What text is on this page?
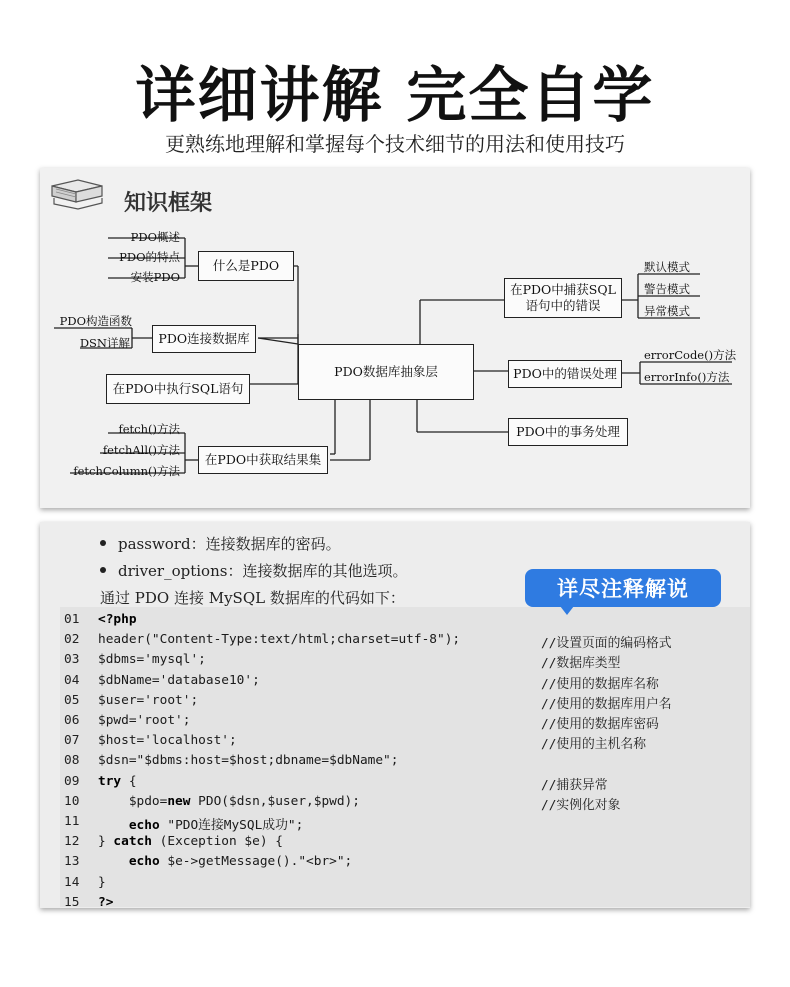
详细讲解 完全自学
更熟练地理解和掌握每个技术细节的用法和使用技巧
知识框架
PDO数据库抽象层
什么是PDO
PDO连接数据库
在PDO中执行SQL语句
在PDO中获取结果集
在PDO中捕获SQL
语句中的错误
PDO中的错误处理
PDO中的事务处理
PDO概述
PDO的特点
安装PDO
PDO构造函数
DSN详解
fetch()方法
fetchAll()方法
fetchColumn()方法
默认模式
警告模式
异常模式
errorCode()方法
errorInfo()方法
password：连接数据库的密码。
driver_options：连接数据库的其他选项。
通过 PDO 连接 MySQL 数据库的代码如下：	详尽注释解说
01	<?php
02	header("Content-Type:text/html;charset=utf-8");	//设置页面的编码格式
03	$dbms='mysql';	//数据库类型
04	$dbName='database10';	//使用的数据库名称
05	$user='root';	//使用的数据库用户名
06	$pwd='root';	//使用的数据库密码
07	$host='localhost';	//使用的主机名称
08	$dsn="$dbms:host=$host;dbname=$dbName";
09	try {	//捕获异常
10	$pdo=new PDO($dsn,$user,$pwd);	//实例化对象
11	echo "PDO连接MySQL成功";
12	} catch (Exception $e) {
13	echo $e->getMessage()."<br>";
14	}
15	?>
